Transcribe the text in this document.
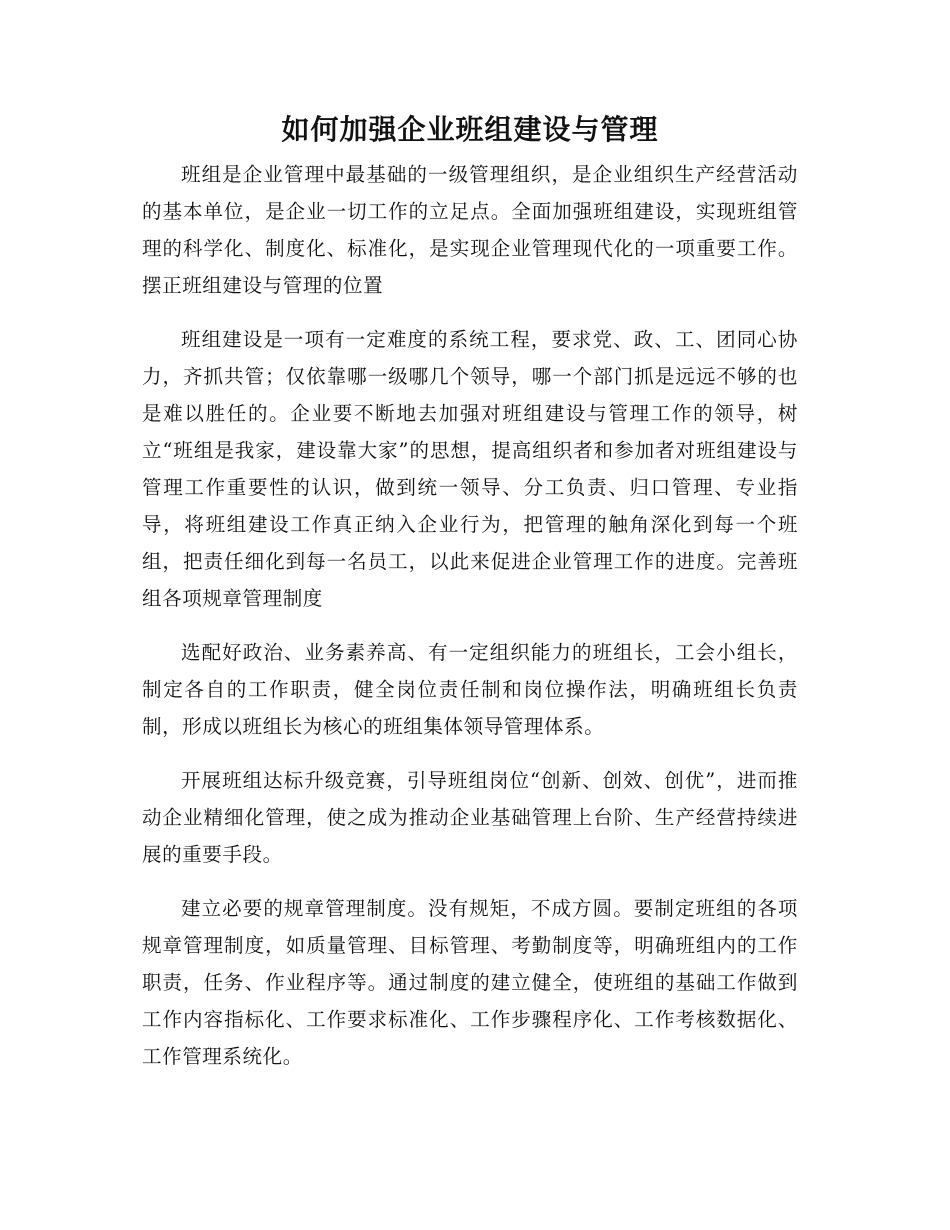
如何加强企业班组建设与管理

班组是企业管理中最基础的一级管理组织，是企业组织生产经营活动的基本单位，是企业一切工作的立足点。全面加强班组建设，实现班组管理的科学化、制度化、标准化，是实现企业管理现代化的一项重要工作。摆正班组建设与管理的位置

班组建设是一项有一定难度的系统工程，要求党、政、工、团同心协力，齐抓共管；仅依靠哪一级哪几个领导，哪一个部门抓是远远不够的也是难以胜任的。企业要不断地去加强对班组建设与管理工作的领导，树立“班组是我家，建设靠大家”的思想，提高组织者和参加者对班组建设与管理工作重要性的认识，做到统一领导、分工负责、归口管理、专业指导，将班组建设工作真正纳入企业行为，把管理的触角深化到每一个班组，把责任细化到每一名员工，以此来促进企业管理工作的进度。完善班组各项规章管理制度

选配好政治、业务素养高、有一定组织能力的班组长，工会小组长，制定各自的工作职责，健全岗位责任制和岗位操作法，明确班组长负责制，形成以班组长为核心的班组集体领导管理体系。

开展班组达标升级竞赛，引导班组岗位“创新、创效、创优”，进而推动企业精细化管理，使之成为推动企业基础管理上台阶、生产经营持续进展的重要手段。

建立必要的规章管理制度。没有规矩，不成方圆。要制定班组的各项规章管理制度，如质量管理、目标管理、考勤制度等，明确班组内的工作职责，任务、作业程序等。通过制度的建立健全，使班组的基础工作做到工作内容指标化、工作要求标准化、工作步骤程序化、工作考核数据化、工作管理系统化。
